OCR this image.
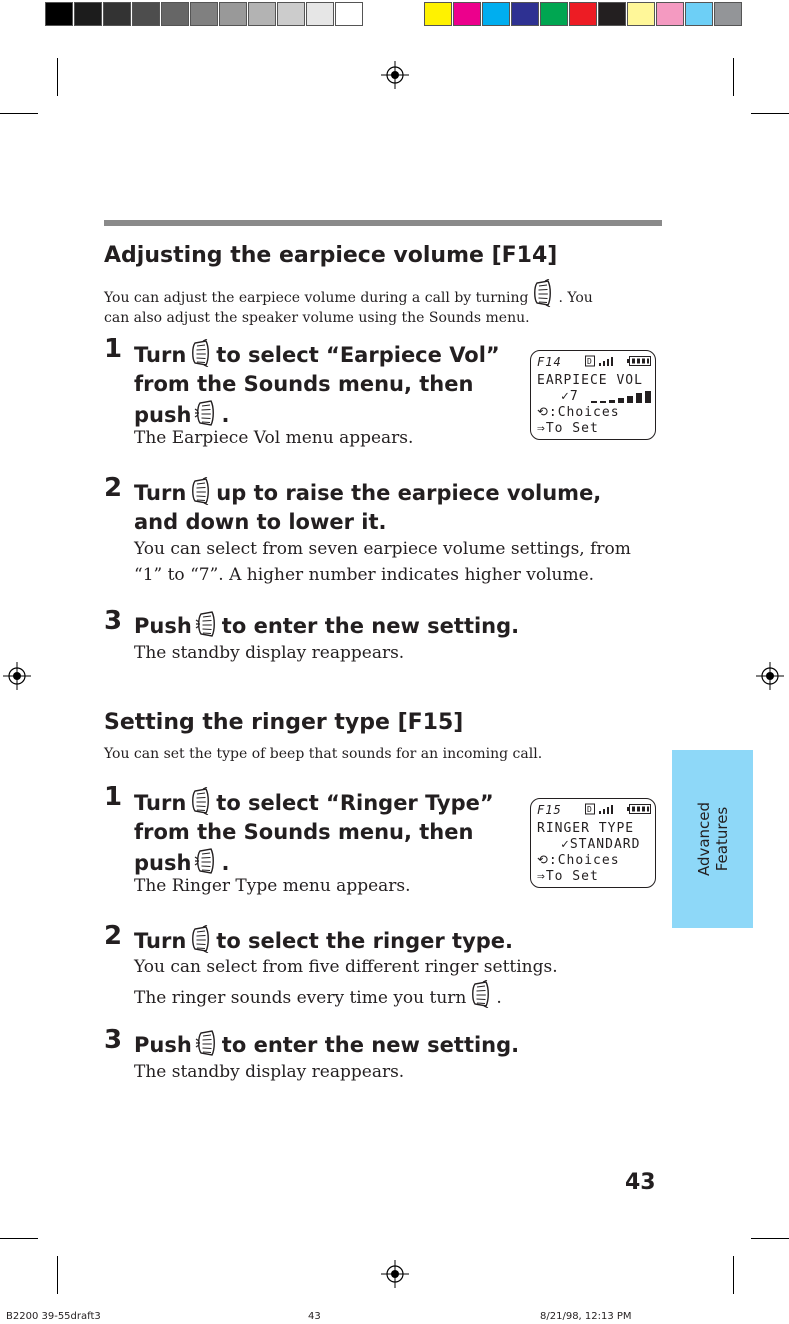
Adjusting the earpiece volume [F14]
You can adjust the earpiece volume during a call by turning . You
can also adjust the speaker volume using the Sounds menu.
1 Turn to select “Earpiece Vol”
from the Sounds menu, then
push .
The Earpiece Vol menu appears.
F14	D
EARPIECE VOL
✓7
⟲:Choices
⇒To Set
2 Turn up to raise the earpiece volume,
and down to lower it.
You can select from seven earpiece volume settings, from
“1” to “7”. A higher number indicates higher volume.
3 Push to enter the new setting.
The standby display reappears.
Setting the ringer type [F15]
You can set the type of beep that sounds for an incoming call.
1 Turn to select “Ringer Type”
from the Sounds menu, then
push .
The Ringer Type menu appears.
F15	D
RINGER TYPE
✓STANDARD
⟲:Choices
⇒To Set
2 Turn to select the ringer type.
You can select from five different ringer settings.
The ringer sounds every time you turn .
3 Push to enter the new setting.
The standby display reappears.
Advanced Features
43
B2200 39-55draft3	43	8/21/98, 12:13 PM
